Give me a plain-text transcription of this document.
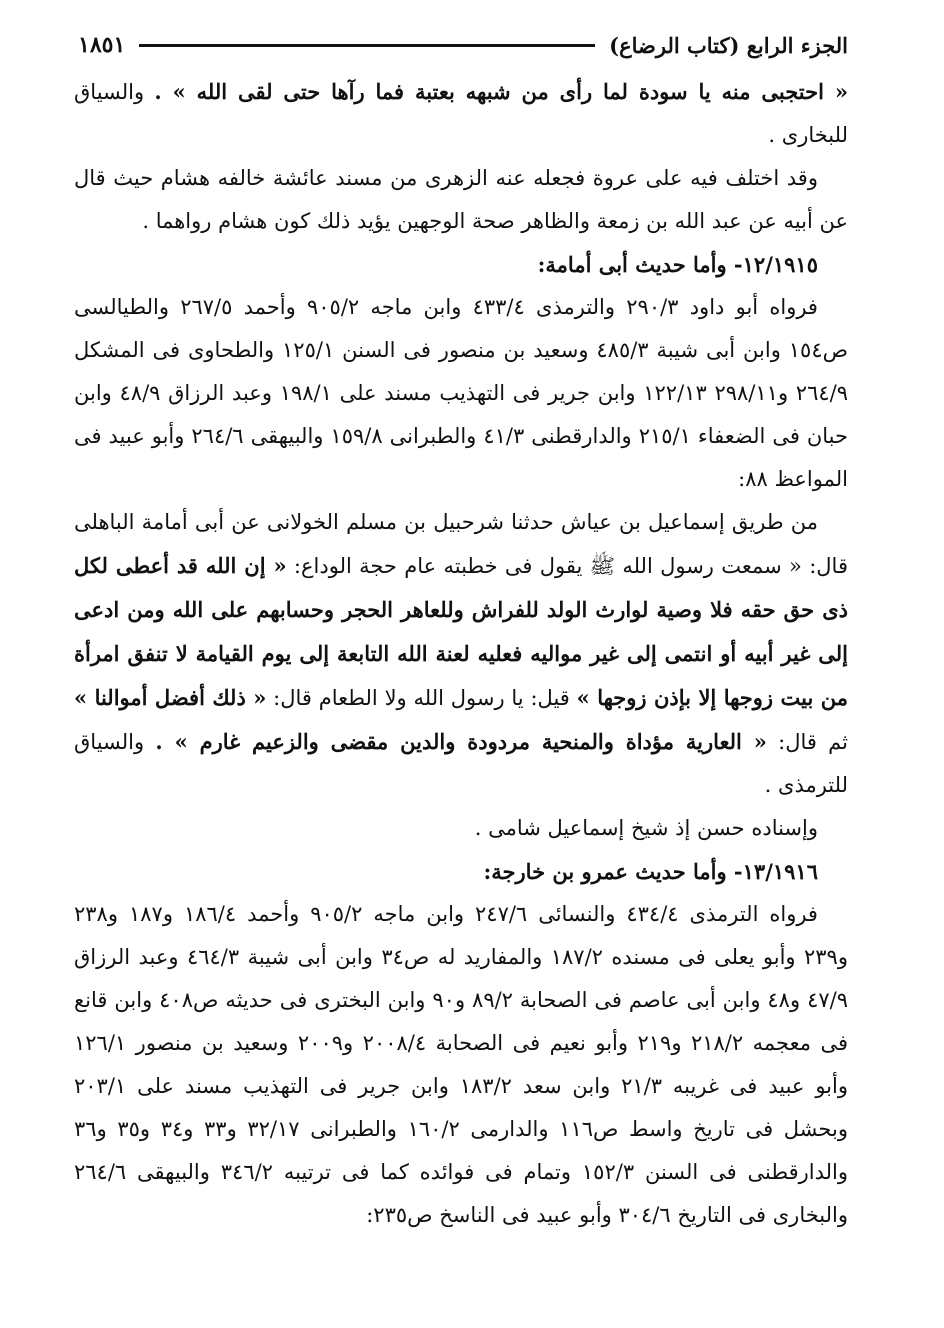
الجزء الرابع (كتاب الرضاع)
١٨٥١

« احتجبى منه يا سودة لما رأى من شبهه بعتبة فما رآها حتى لقى الله » . والسياق للبخارى .

وقد اختلف فيه على عروة فجعله عنه الزهرى من مسند عائشة خالفه هشام حيث قال عن أبيه عن عبد الله بن زمعة والظاهر صحة الوجهين يؤيد ذلك كون هشام رواهما .

١٢/١٩١٥- وأما حديث أبى أمامة:

فرواه أبو داود ٢٩٠/٣ والترمذى ٤٣٣/٤ وابن ماجه ٩٠٥/٢ وأحمد ٢٦٧/٥ والطيالسى ص١٥٤ وابن أبى شيبة ٤٨٥/٣ وسعيد بن منصور فى السنن ١٢٥/١ والطحاوى فى المشكل ٢٦٤/٩ و٢٩٨/١١ ١٢٢/١٣ وابن جرير فى التهذيب مسند على ١٩٨/١ وعبد الرزاق ٤٨/٩ وابن حبان فى الضعفاء ٢١٥/١ والدارقطنى ٤١/٣ والطبرانى ١٥٩/٨ والبيهقى ٢٦٤/٦ وأبو عبيد فى المواعظ ٨٨:

من طريق إسماعيل بن عياش حدثنا شرحبيل بن مسلم الخولانى عن أبى أمامة الباهلى قال: « سمعت رسول الله ﷺ يقول فى خطبته عام حجة الوداع: « إن الله قد أعطى لكل ذى حق حقه فلا وصية لوارث الولد للفراش وللعاهر الحجر وحسابهم على الله ومن ادعى إلى غير أبيه أو انتمى إلى غير مواليه فعليه لعنة الله التابعة إلى يوم القيامة لا تنفق امرأة من بيت زوجها إلا بإذن زوجها » قيل: يا رسول الله ولا الطعام قال: « ذلك أفضل أموالنا » ثم قال: « العارية مؤداة والمنحية مردودة والدين مقضى والزعيم غارم » . والسياق للترمذى .

وإسناده حسن إذ شيخ إسماعيل شامى .

١٣/١٩١٦- وأما حديث عمرو بن خارجة:

فرواه الترمذى ٤٣٤/٤ والنسائى ٢٤٧/٦ وابن ماجه ٩٠٥/٢ وأحمد ١٨٦/٤ و١٨٧ و٢٣٨ و٢٣٩ وأبو يعلى فى مسنده ١٨٧/٢ والمفاريد له ص٣٤ وابن أبى شيبة ٤٦٤/٣ وعبد الرزاق ٤٧/٩ و٤٨ وابن أبى عاصم فى الصحابة ٨٩/٢ و٩٠ وابن البخترى فى حديثه ص٤٠٨ وابن قانع فى معجمه ٢١٨/٢ و٢١٩ وأبو نعيم فى الصحابة ٢٠٠٨/٤ و٢٠٠٩ وسعيد بن منصور ١٢٦/١ وأبو عبيد فى غريبه ٢١/٣ وابن سعد ١٨٣/٢ وابن جرير فى التهذيب مسند على ٢٠٣/١ وبحشل فى تاريخ واسط ص١١٦ والدارمى ١٦٠/٢ والطبرانى ٣٢/١٧ و٣٣ و٣٤ و٣٥ و٣٦ والدارقطنى فى السنن ١٥٢/٣ وتمام فى فوائده كما فى ترتيبه ٣٤٦/٢ والبيهقى ٢٦٤/٦ والبخارى فى التاريخ ٣٠٤/٦ وأبو عبيد فى الناسخ ص٢٣٥:
